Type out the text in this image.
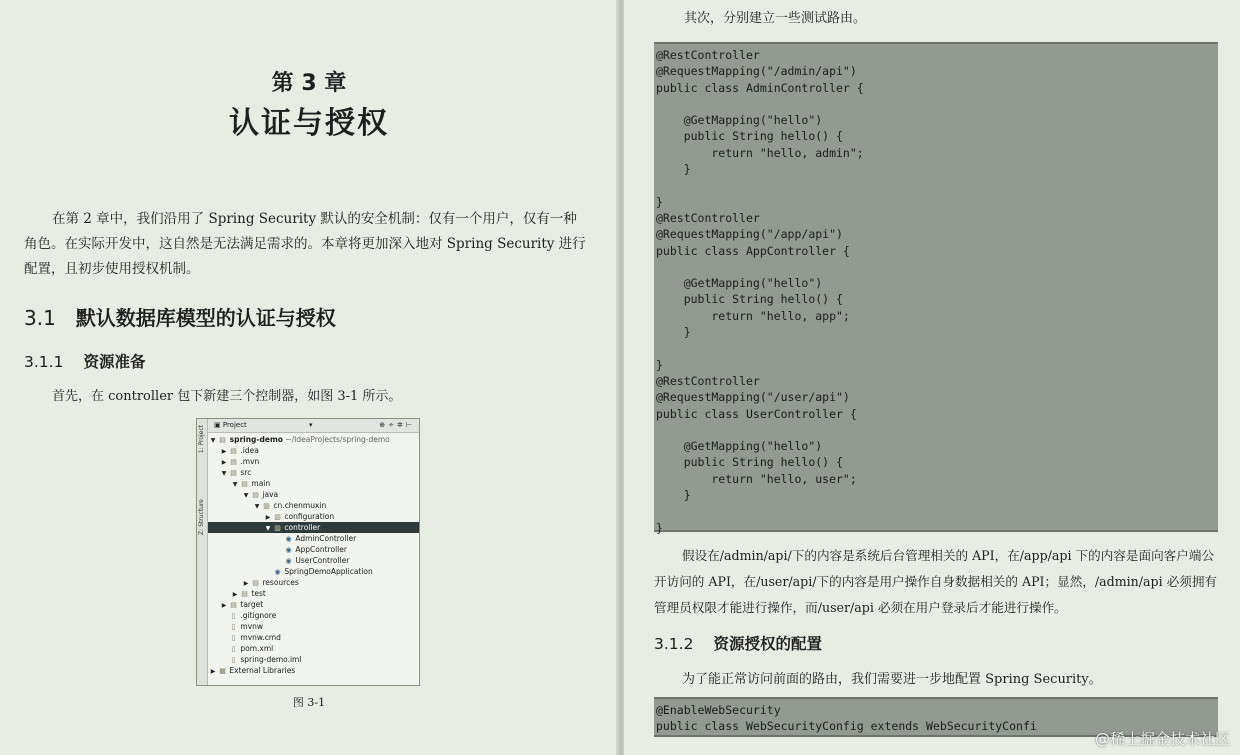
第 3 章
认证与授权

在第 2 章中，我们沿用了 Spring Security 默认的安全机制：仅有一个用户，仅有一种角色。在实际开发中，这自然是无法满足需求的。本章将更加深入地对 Spring Security 进行配置，且初步使用授权机制。

3.1 默认数据库模型的认证与授权
3.1.1 资源准备

首先，在 controller 包下新建三个控制器，如图 3-1 所示。

1: Project
Z: Structure
▣ Project	▾	⊕÷✲⊢
▼ ▤ spring-demo ~/IdeaProjects/spring-demo
▶ ▤ .idea
▶ ▤ .mvn
▼ ▤ src
▼ ▤ main
▼ ▤ java
▼ ▥ cn.chenmuxin
▶ ▥ configuration
▼ ▥ controller
◉ AdminController
◉ AppController
◉ UserController
◉ SpringDemoApplication
▶ ▤ resources
▶ ▤ test
▶ ▤ target
▯ .gitignore
▯ mvnw
▯ mvnw.cmd
▯ pom.xml
▯ spring-demo.iml
▶ ▦ External Libraries
图 3-1

其次，分别建立一些测试路由。

@RestController
@RequestMapping("/admin/api")
public class AdminController {
@GetMapping("hello")
public String hello() {
return "hello, admin";
}
}
@RestController
@RequestMapping("/app/api")
public class AppController {
@GetMapping("hello")
public String hello() {
return "hello, app";
}
}
@RestController
@RequestMapping("/user/api")
public class UserController {
@GetMapping("hello")
public String hello() {
return "hello, user";
}
}

假设在/admin/api/下的内容是系统后台管理相关的 API，在/app/api 下的内容是面向客户端公开访问的 API，在/user/api/下的内容是用户操作自身数据相关的 API；显然，/admin/api 必须拥有管理员权限才能进行操作，而/user/api 必须在用户登录后才能进行操作。

3.1.2 资源授权的配置

为了能正常访问前面的路由，我们需要进一步地配置 Spring Security。

@EnableWebSecurity
public class WebSecurityConfig extends WebSecurityConfi
@稀土掘金技术社区
